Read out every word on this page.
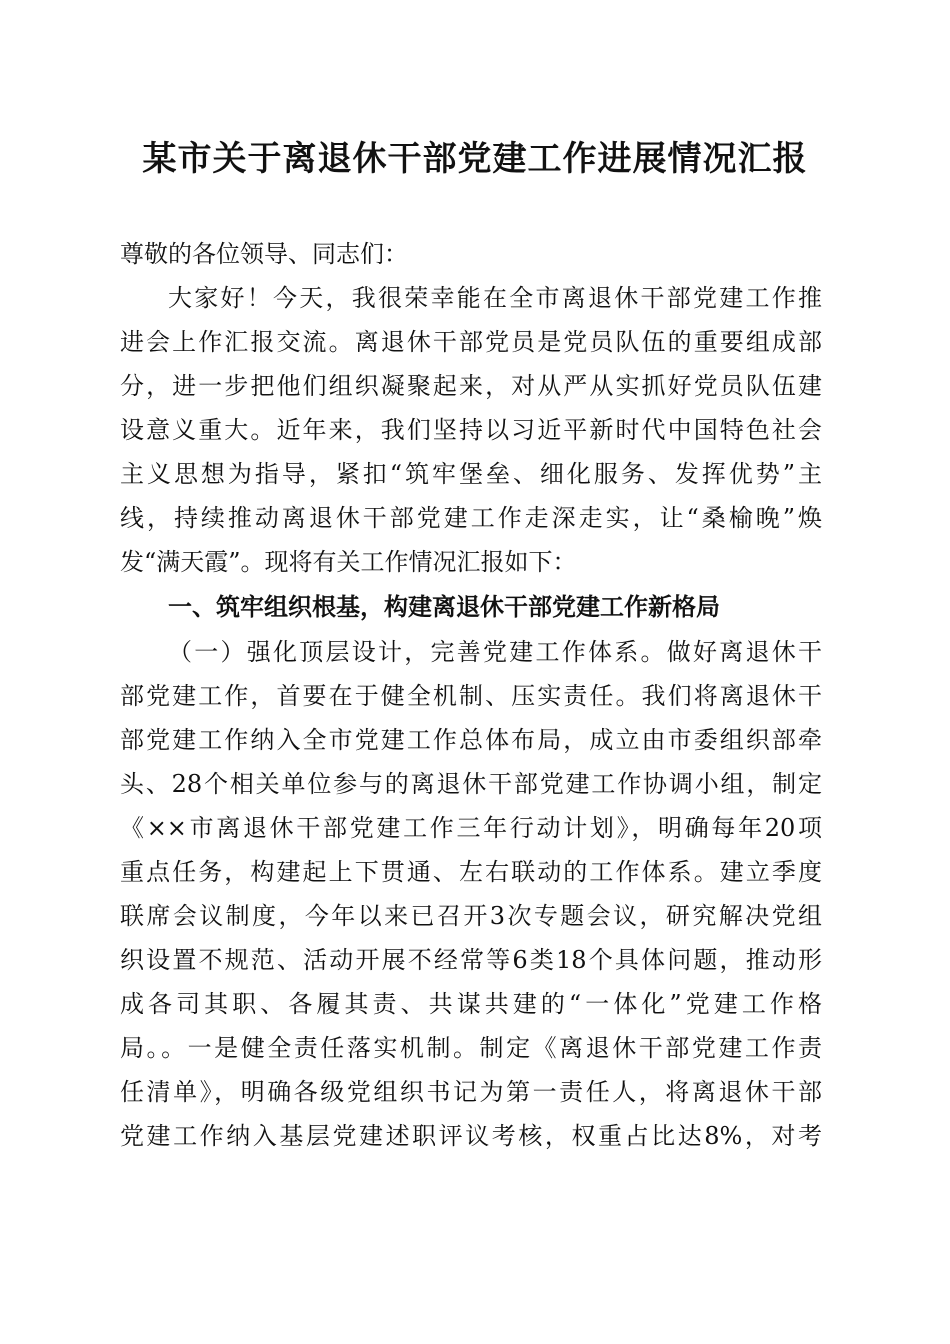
某市关于离退休干部党建工作进展情况汇报
尊敬的各位领导、同志们：
大家好！今天，我很荣幸能在全市离退休干部党建工作推
进会上作汇报交流。离退休干部党员是党员队伍的重要组成部
分，进一步把他们组织凝聚起来，对从严从实抓好党员队伍建
设意义重大。近年来，我们坚持以习近平新时代中国特色社会
主义思想为指导，紧扣“筑牢堡垒、细化服务、发挥优势”主
线，持续推动离退休干部党建工作走深走实，让“桑榆晚”焕
发“满天霞”。现将有关工作情况汇报如下：
一、筑牢组织根基，构建离退休干部党建工作新格局
（一）强化顶层设计，完善党建工作体系。做好离退休干
部党建工作，首要在于健全机制、压实责任。我们将离退休干
部党建工作纳入全市党建工作总体布局，成立由市委组织部牵
头、28个相关单位参与的离退休干部党建工作协调小组，制定
《××市离退休干部党建工作三年行动计划》，明确每年20项
重点任务，构建起上下贯通、左右联动的工作体系。建立季度
联席会议制度，今年以来已召开3次专题会议，研究解决党组
织设置不规范、活动开展不经常等6类18个具体问题，推动形
成各司其职、各履其责、共谋共建的“一体化”党建工作格
局。。一是健全责任落实机制。制定《离退休干部党建工作责
任清单》，明确各级党组织书记为第一责任人，将离退休干部
党建工作纳入基层党建述职评议考核，权重占比达8%，对考
